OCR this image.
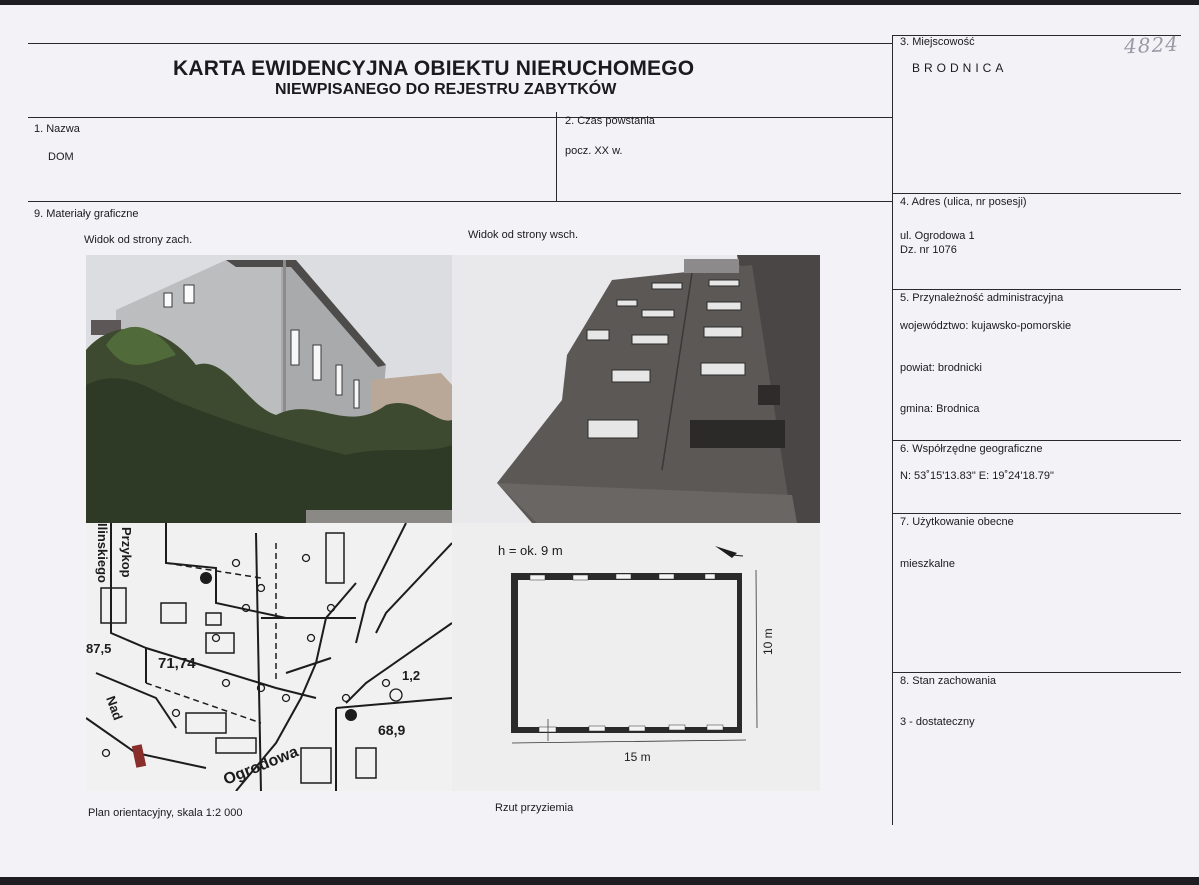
KARTA EWIDENCYJNA OBIEKTU NIERUCHOMEGO
NIEWPISANEGO DO REJESTRU ZABYTKÓW
1. Nazwa
DOM
2. Czas powstania
pocz. XX w.
9. Materiały graficzne
Widok od strony zach.	Widok od strony wsch.
71,74
68,9
1,2
87,5
Ogrodowa
Ilinskiego Przykop
Nad
h = ok. 9 m
15 m
10 m
Plan orientacyjny, skala 1:2 000	Rzut przyziemia
3. Miejscowość	4824
BRODNICA
4. Adres (ulica, nr posesji)
ul. Ogrodowa 1
Dz. nr 1076
5. Przynależność administracyjna
województwo: kujawsko-pomorskie
powiat: brodnicki
gmina: Brodnica
6. Współrzędne geograficzne
N: 53˚15'13.83" E: 19˚24'18.79"
7. Użytkowanie obecne
mieszkalne
8. Stan zachowania
3 - dostateczny
